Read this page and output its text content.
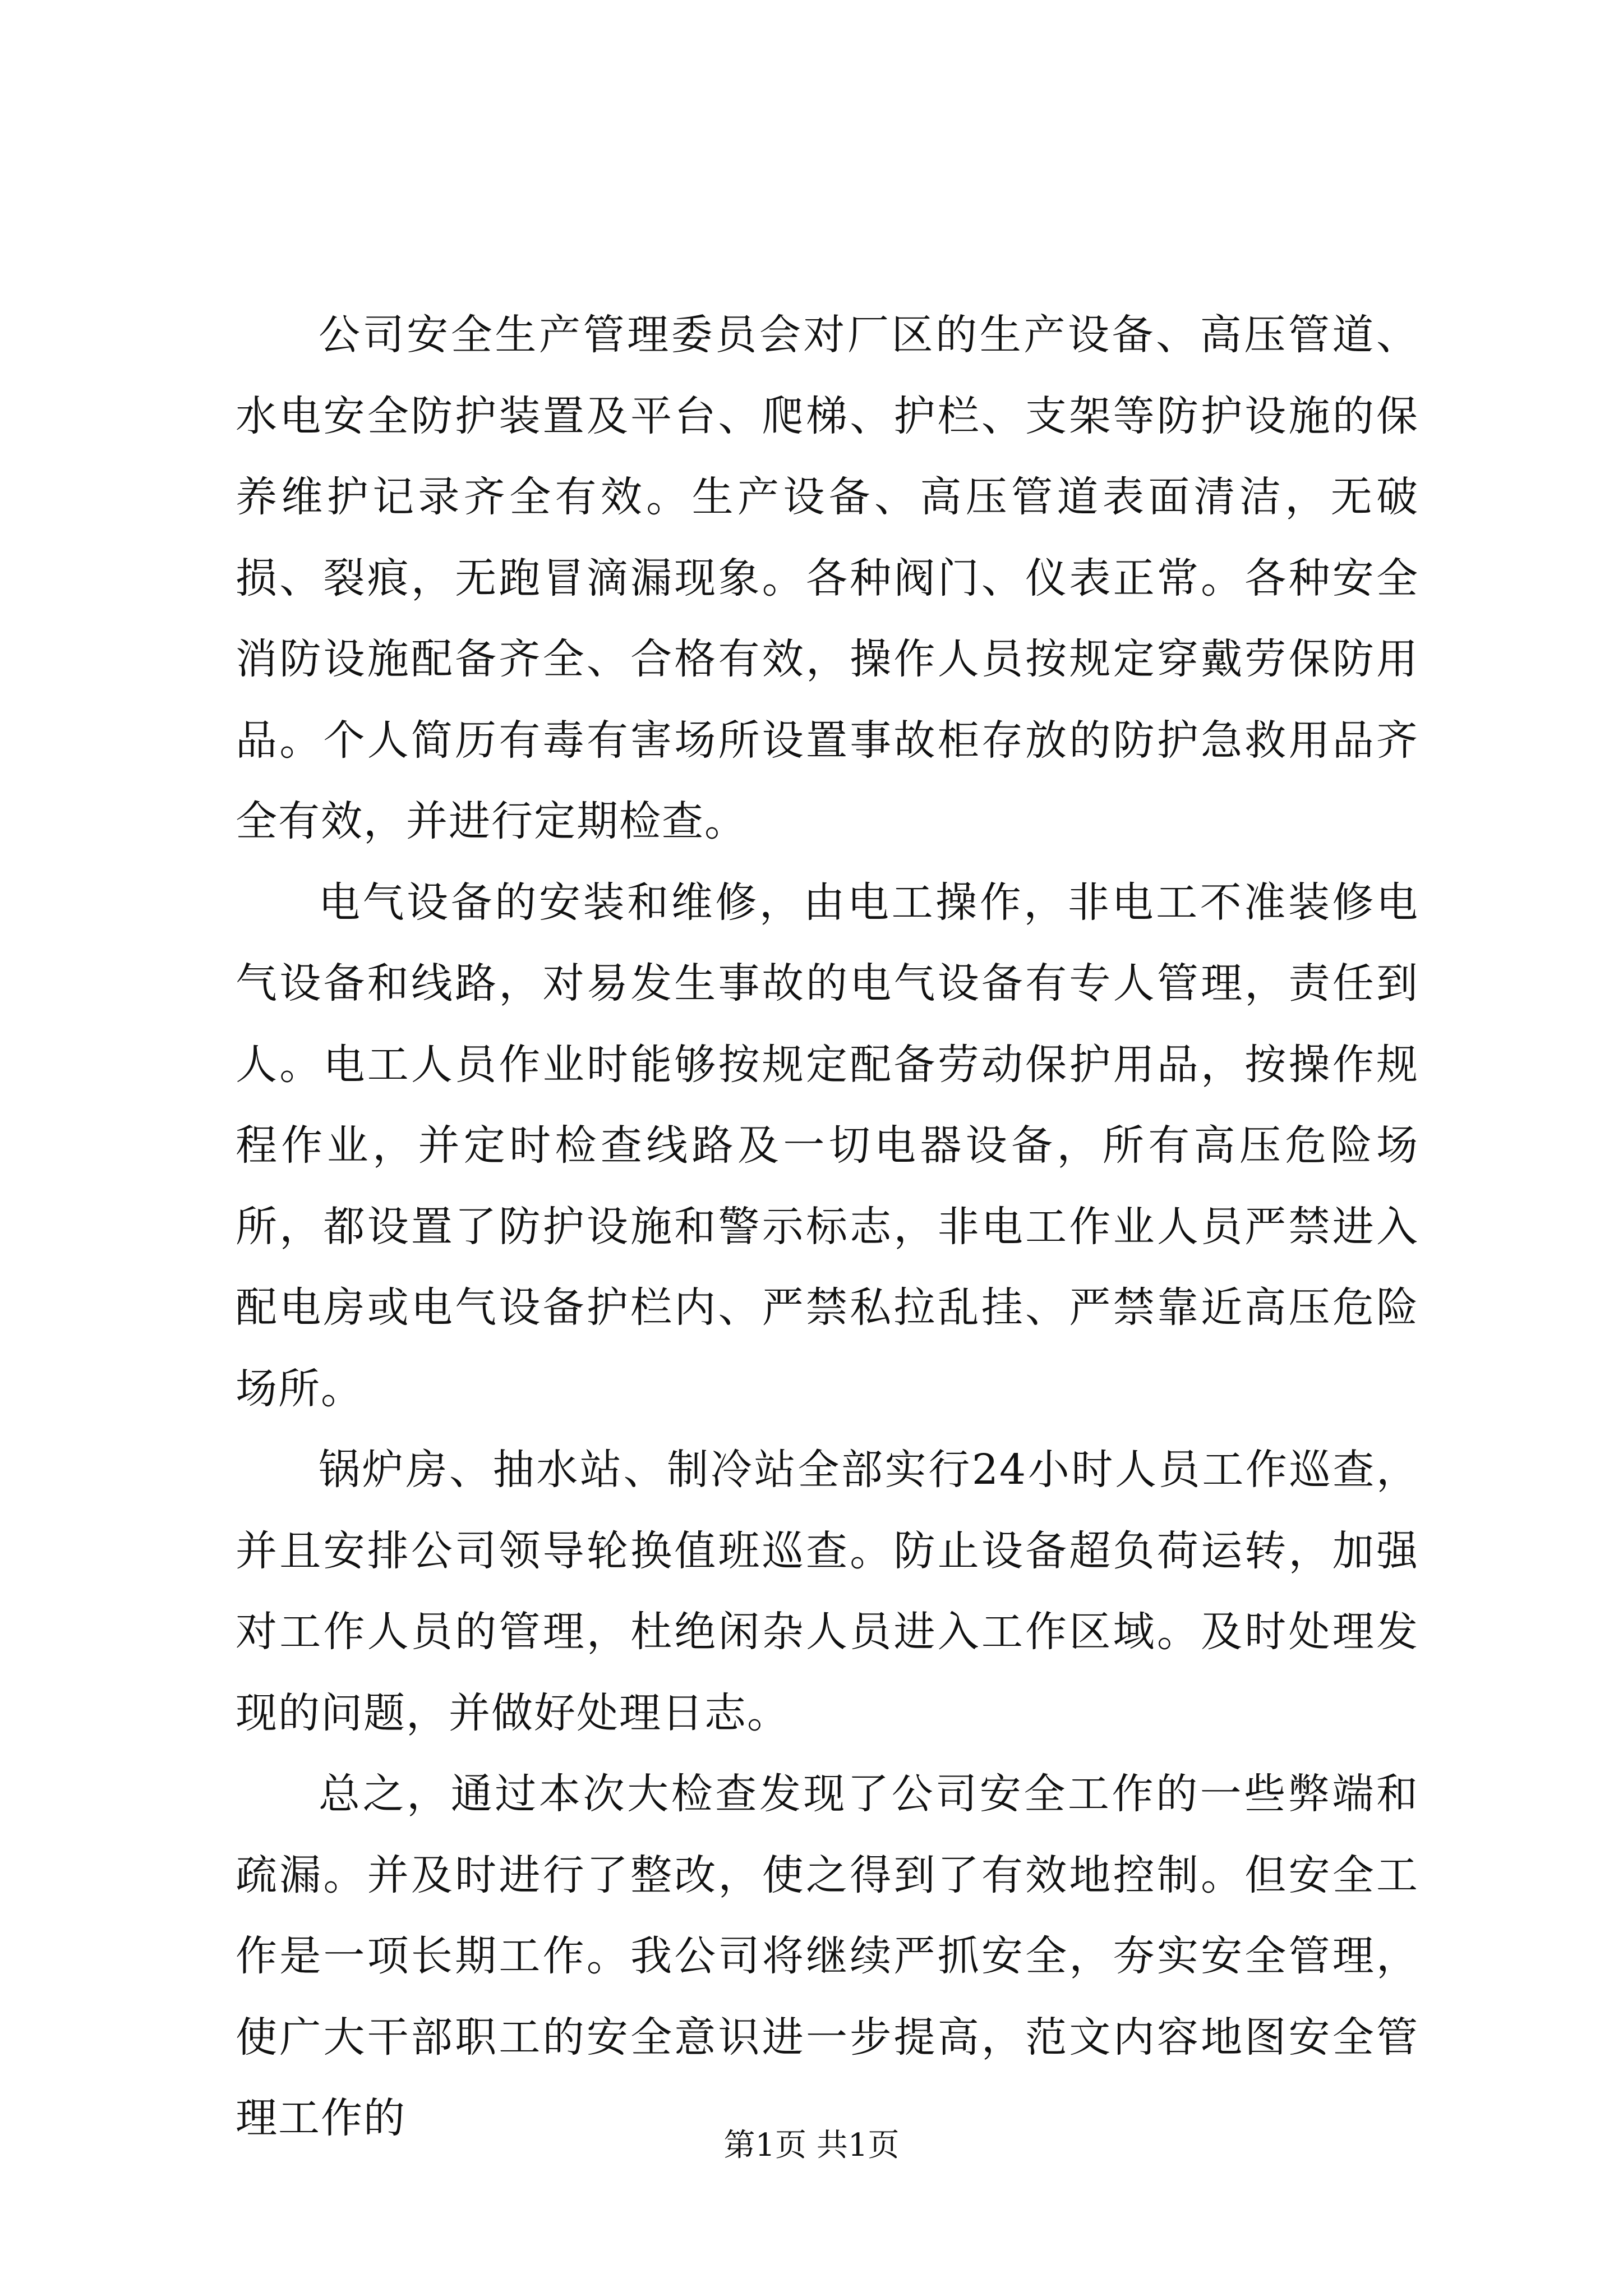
公司安全生产管理委员会对厂区的生产设备、高压管道、水电安全防护装置及平台、爬梯、护栏、支架等防护设施的保养维护记录齐全有效。生产设备、高压管道表面清洁，无破损、裂痕，无跑冒滴漏现象。各种阀门、仪表正常。各种安全消防设施配备齐全、合格有效，操作人员按规定穿戴劳保防用品。个人简历有毒有害场所设置事故柜存放的防护急救用品齐全有效，并进行定期检查。

电气设备的安装和维修，由电工操作，非电工不准装修电气设备和线路，对易发生事故的电气设备有专人管理，责任到人。电工人员作业时能够按规定配备劳动保护用品，按操作规程作业，并定时检查线路及一切电器设备，所有高压危险场所，都设置了防护设施和警示标志，非电工作业人员严禁进入配电房或电气设备护栏内、严禁私拉乱挂、严禁靠近高压危险场所。

锅炉房、抽水站、制冷站全部实行24小时人员工作巡查，并且安排公司领导轮换值班巡查。防止设备超负荷运转，加强对工作人员的管理，杜绝闲杂人员进入工作区域。及时处理发现的问题，并做好处理日志。

总之，通过本次大检查发现了公司安全工作的一些弊端和疏漏。并及时进行了整改，使之得到了有效地控制。但安全工作是一项长期工作。我公司将继续严抓安全，夯实安全管理，使广大干部职工的安全意识进一步提高，范文内容地图安全管理工作的

第1页 共1页
